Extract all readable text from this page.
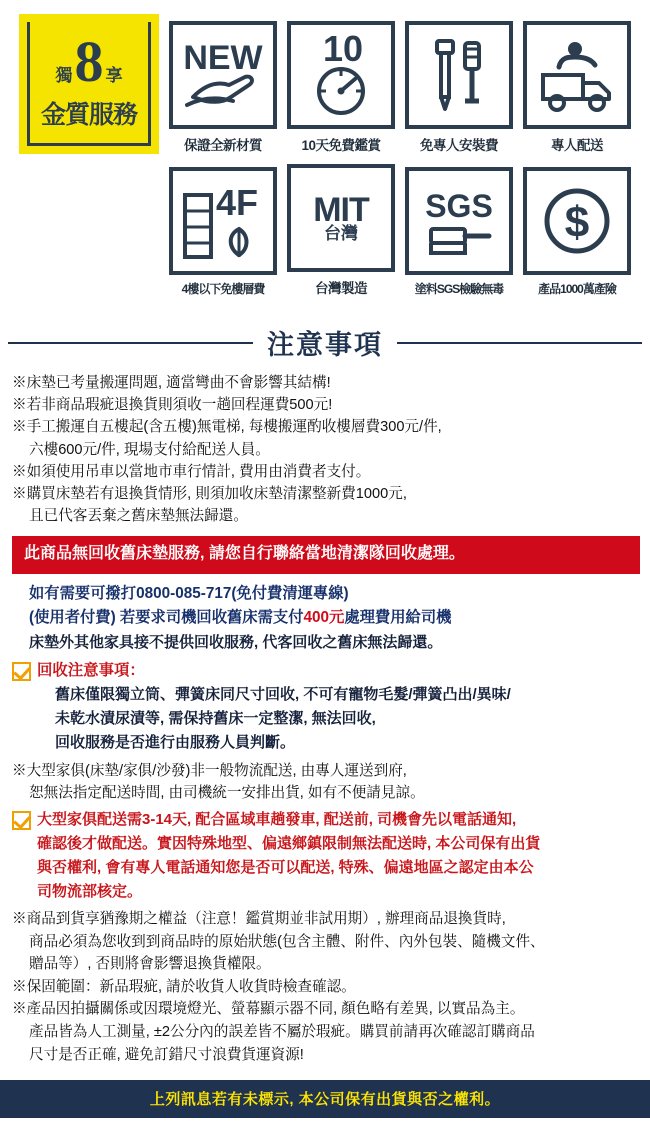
獨 8 享
金質服務
NEW
保證全新材質
10
10天免費鑑賞	免專人安裝費	專人配送
4F
4樓以下免樓層費
MIT
台灣
台灣製造
SGS
塗料SGS檢驗無毒
$
產品1000萬產險
注意事項
※床墊已考量搬運問題, 適當彎曲不會影響其結構!
※若非商品瑕疵退換貨則須收一趟回程運費500元!
※手工搬運自五樓起(含五樓)無電梯, 每樓搬運酌收樓層費300元/件,
六樓600元/件, 現場支付給配送人員。
※如須使用吊車以當地市車行情計, 費用由消費者支付。
※購買床墊若有退換貨情形, 則須加收床墊清潔整新費1000元,
且已代客丟棄之舊床墊無法歸還。
此商品無回收舊床墊服務, 請您自行聯絡當地清潔隊回收處理。
如有需要可撥打0800-085-717(免付費清運專線)
(使用者付費) 若要求司機回收舊床需支付400元處理費用給司機
床墊外其他家具接不提供回收服務, 代客回收之舊床無法歸還。
回收注意事項：
舊床僅限獨立筒、彈簧床同尺寸回收, 不可有寵物毛髮/彈簧凸出/異味/
未乾水漬尿漬等, 需保持舊床一定整潔, 無法回收,
回收服務是否進行由服務人員判斷。
※大型家俱(床墊/家俱/沙發)非一般物流配送, 由專人運送到府,
恕無法指定配送時間, 由司機統一安排出貨, 如有不便請見諒。
大型家俱配送需3-14天, 配合區域車趟發車, 配送前, 司機會先以電話通知,
確認後才做配送。實因特殊地型、偏遠鄉鎮限制無法配送時, 本公司保有出貨
與否權利, 會有專人電話通知您是否可以配送, 特殊、偏遠地區之認定由本公
司物流部核定。
※商品到貨享猶豫期之權益（注意！鑑賞期並非試用期）, 辦理商品退換貨時,
商品必須為您收到到商品時的原始狀態(包含主體、附件、內外包裝、隨機文件、
贈品等）, 否則將會影響退換貨權限。
※保固範圍：新品瑕疵, 請於收貨人收貨時檢查確認。
※產品因拍攝關係或因環境燈光、螢幕顯示器不同, 顏色略有差異, 以實品為主。
產品皆為人工測量, ±2公分內的誤差皆不屬於瑕疵。購買前請再次確認訂購商品
尺寸是否正確, 避免訂錯尺寸浪費貨運資源!
上列訊息若有未標示, 本公司保有出貨與否之權利。
